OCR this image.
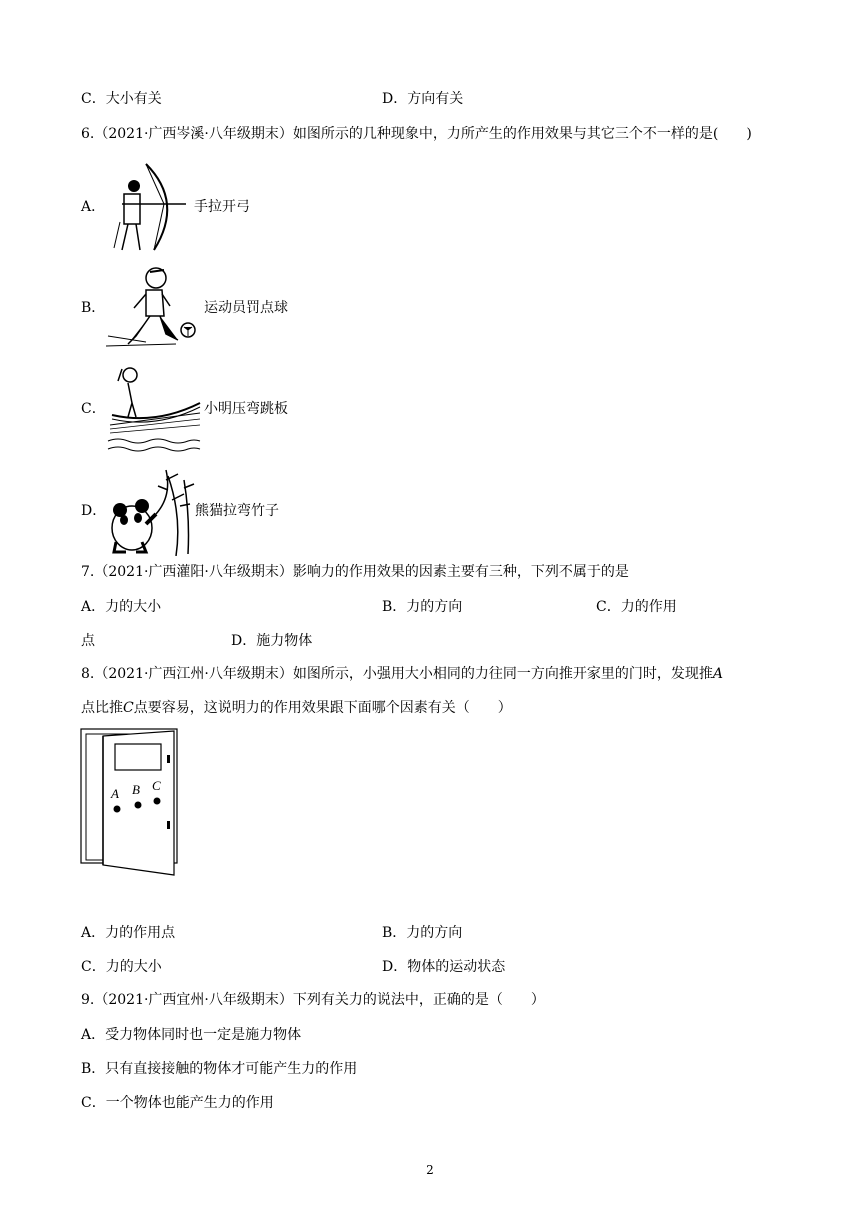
C．大小有关	D．方向有关
6.（2021·广西岑溪·八年级期末）如图所示的几种现象中，力所产生的作用效果与其它三个不一样的是(　　)
A．	手拉开弓
B．	运动员罚点球
C．	小明压弯跳板
D．	熊猫拉弯竹子
7.（2021·广西灌阳·八年级期末）影响力的作用效果的因素主要有三种，下列不属于的是
A．力的大小	B．力的方向	C．力的作用
点	D．施力物体
8.（2021·广西江州·八年级期末）如图所示，小强用大小相同的力往同一方向推开家里的门时，发现推A
点比推C点要容易，这说明力的作用效果跟下面哪个因素有关（　　）
A B C
A．力的作用点	B．力的方向
C．力的大小	D．物体的运动状态
9.（2021·广西宜州·八年级期末）下列有关力的说法中，正确的是（　　）
A．受力物体同时也一定是施力物体
B．只有直接接触的物体才可能产生力的作用
C．一个物体也能产生力的作用
2
